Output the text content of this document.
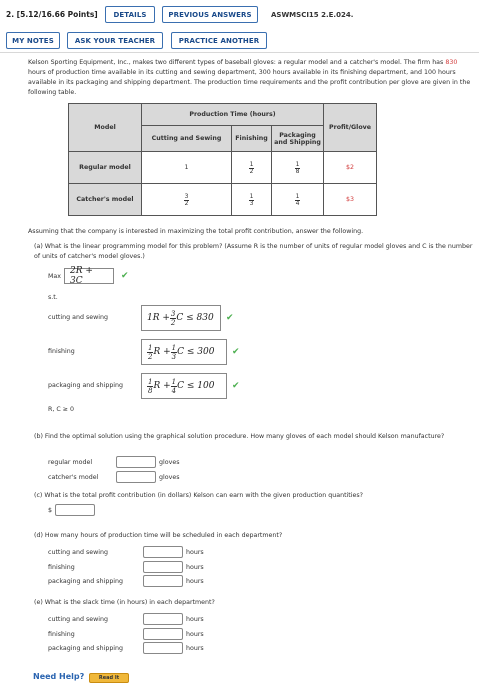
2. [5.12/16.66 Points]	DETAILS	PREVIOUS ANSWERS	ASWMSCI15 2.E.024.
MY NOTES	ASK YOUR TEACHER	PRACTICE ANOTHER
Kelson Sporting Equipment, Inc., makes two different types of baseball gloves: a regular model and a catcher's model. The firm has 830 hours of production time available in its cutting and sewing department, 300 hours available in its finishing department, and 100 hours available in its packaging and shipping department. The production time requirements and the profit contribution per glove are given in the following table.
Model	Production Time (hours)			Profit/Glove
	Cutting and Sewing	Finishing	Packaging and Shipping	
Regular model	1	$\frac{1}{2}$	$\frac{1}{8}$	$2
Catcher's model	$\frac{3}{2}$	$\frac{1}{3}$	$\frac{1}{4}$	$3
Assuming that the company is interested in maximizing the total profit contribution, answer the following.
(a) What is the linear programming model for this problem? (Assume R is the number of units of regular model gloves and C is the number of units of catcher's model gloves.)
Max
2R + 3C	✔
s.t.
cutting and sewing	$1R + \frac{3}{2}$ C ≤ 830 ✔
finishing	$\frac{1}{2}$ $R + \frac{1}{3}$ C ≤ 300 ✔
packaging and shipping	$\frac{1}{8}$ $R + \frac{1}{4}$ C ≤ 100 ✔
R, C ≥ 0
(b) Find the optimal solution using the graphical solution procedure. How many gloves of each model should Kelson manufacture?
regular model	gloves
catcher's model	gloves
(c) What is the total profit contribution (in dollars) Kelson can earn with the given production quantities?
$
(d) How many hours of production time will be scheduled in each department?
cutting and sewing	hours
finishing	hours
packaging and shipping	hours
(e) What is the slack time (in hours) in each department?
cutting and sewing	hours
finishing	hours
packaging and shipping	hours
Need Help?	Read It
